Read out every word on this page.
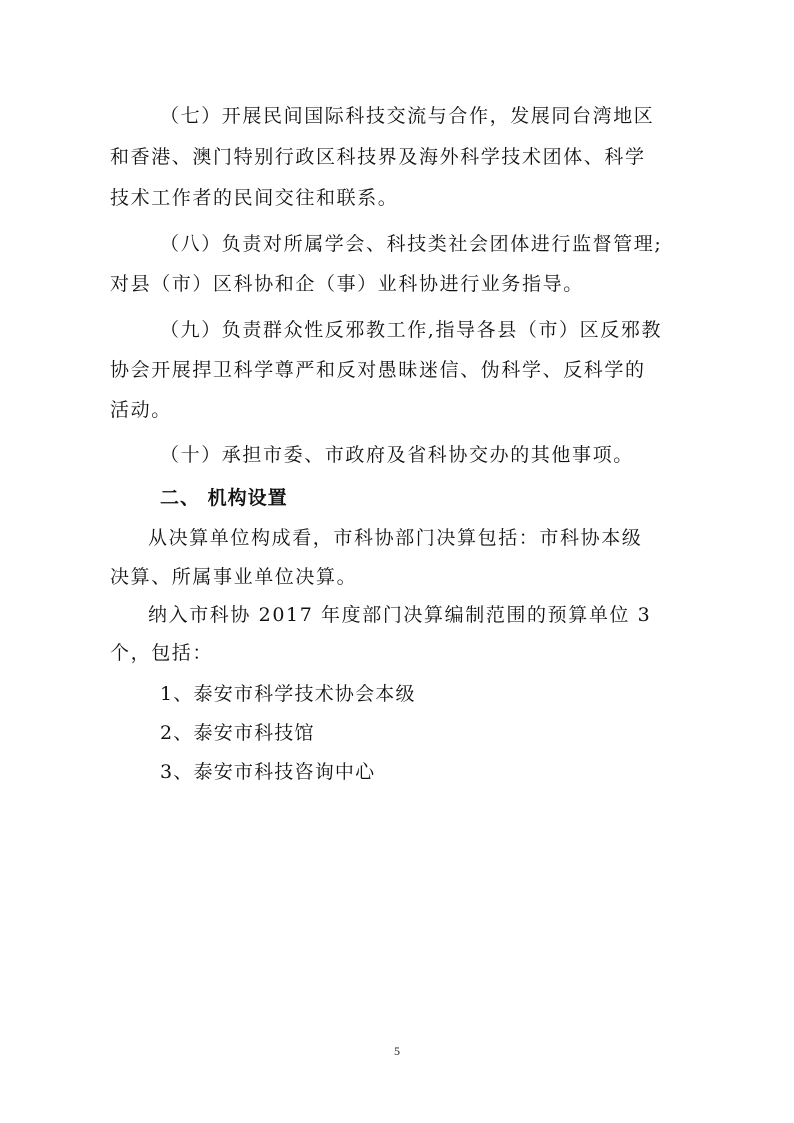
（七）开展民间国际科技交流与合作，发展同台湾地区
和香港、澳门特别行政区科技界及海外科学技术团体、科学
技术工作者的民间交往和联系。
（八）负责对所属学会、科技类社会团体进行监督管理;
对县（市）区科协和企（事）业科协进行业务指导。
（九）负责群众性反邪教工作,指导各县（市）区反邪教
协会开展捍卫科学尊严和反对愚昧迷信、伪科学、反科学的
活动。
（十）承担市委、市政府及省科协交办的其他事项。
二、 机构设置
从决算单位构成看，市科协部门决算包括：市科协本级
决算、所属事业单位决算。
纳入市科协 2017 年度部门决算编制范围的预算单位 3
个，包括：
1、泰安市科学技术协会本级
2、泰安市科技馆
3、泰安市科技咨询中心
5
